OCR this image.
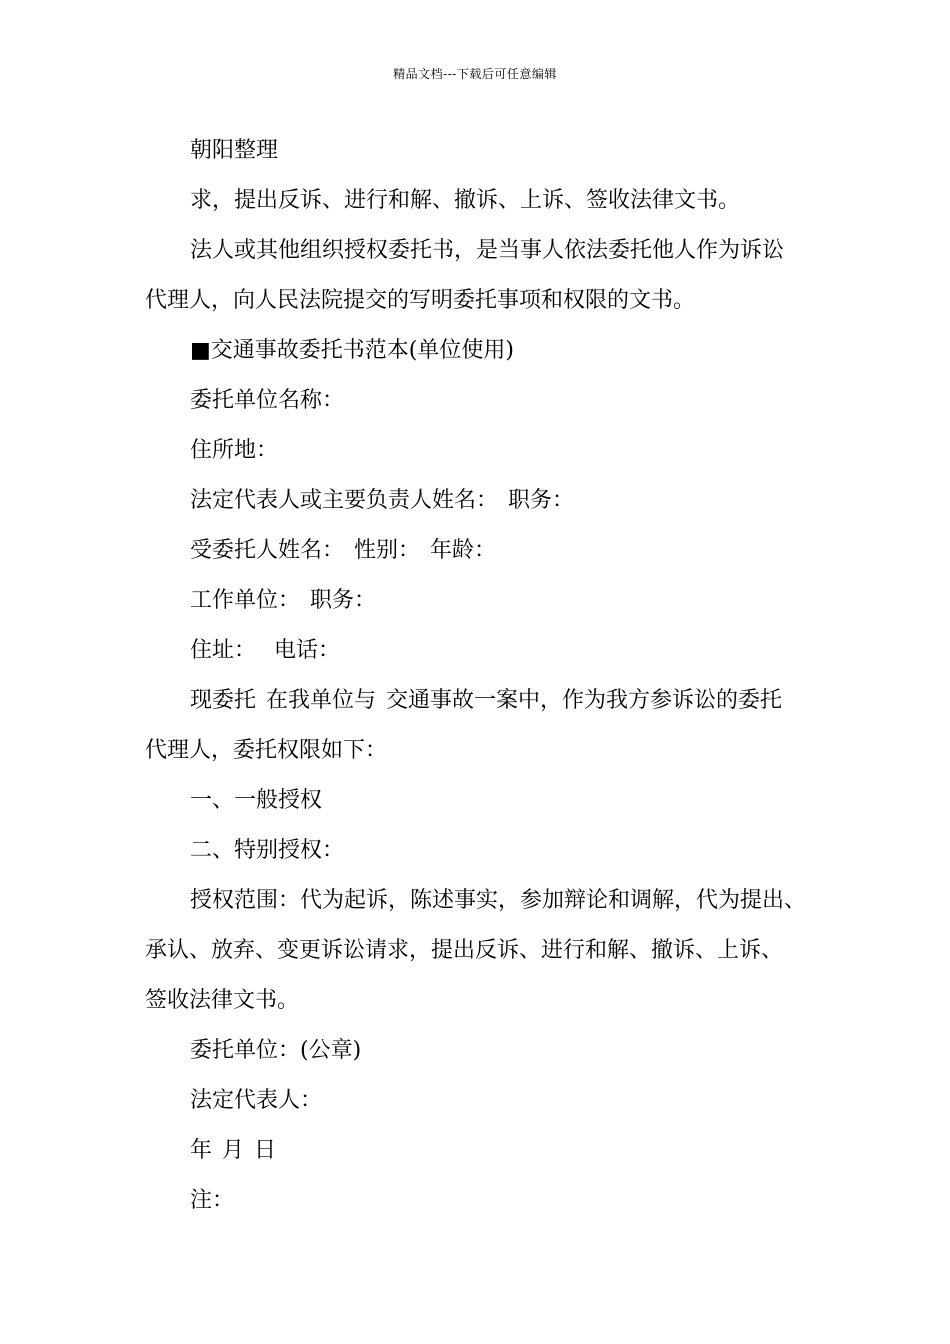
精品文档---下载后可任意编辑
朝阳整理
求，提出反诉、进行和解、撤诉、上诉、签收法律文书。
法人或其他组织授权委托书，是当事人依法委托他人作为诉讼
代理人，向人民法院提交的写明委托事项和权限的文书。
■交通事故委托书范本(单位使用)
委托单位名称：
住所地：
法定代表人或主要负责人姓名： 职务：
受委托人姓名： 性别： 年龄：
工作单位： 职务：
住址： 电话：
现委托 在我单位与 交通事故一案中，作为我方参诉讼的委托
代理人，委托权限如下：
一、一般授权
二、特别授权：
授权范围：代为起诉，陈述事实，参加辩论和调解，代为提出、
承认、放弃、变更诉讼请求，提出反诉、进行和解、撤诉、上诉、
签收法律文书。
委托单位：(公章)
法定代表人：
年 月 日
注：
